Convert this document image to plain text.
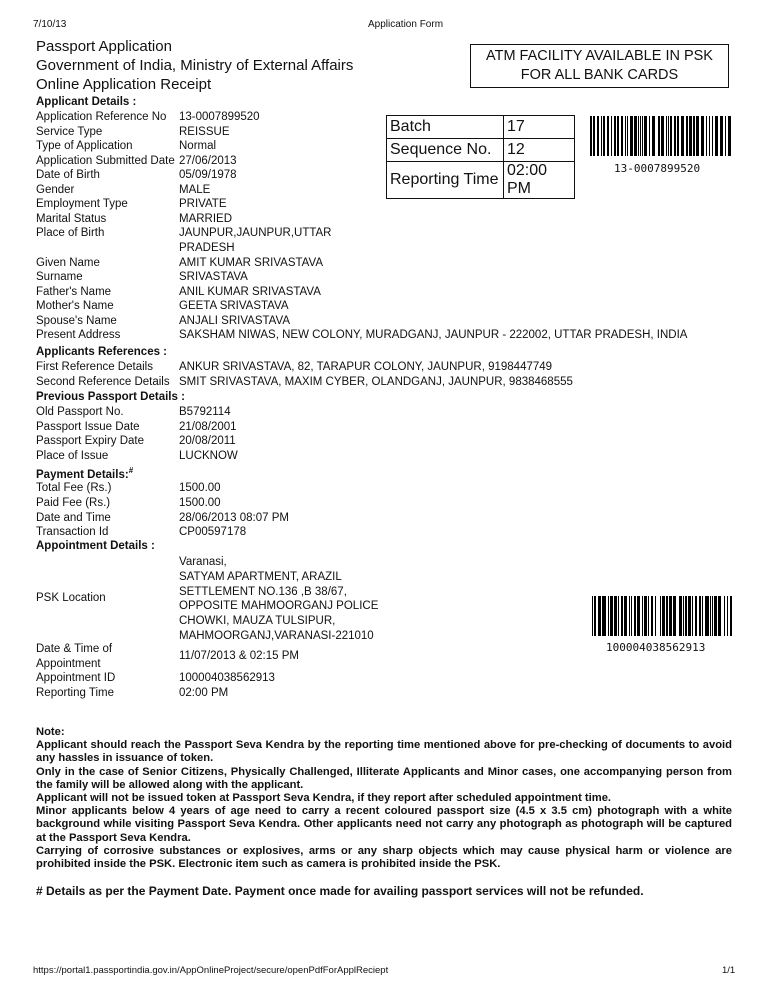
7/10/13	Application Form
Passport Application
Government of India, Ministry of External Affairs
Online Application Receipt
ATM FACILITY AVAILABLE IN PSK
FOR ALL BANK CARDS
Batch	17
Sequence No.	12
Reporting Time	02:00 PM
13-0007899520
Applicant Details :
Application Reference No	13-0007899520
Service Type	REISSUE
Type of Application	Normal
Application Submitted Date 27/06/2013
Date of Birth	05/09/1978
Gender	MALE
Employment Type	PRIVATE
Marital Status	MARRIED
Place of Birth	JAUNPUR,JAUNPUR,UTTAR
PRADESH
Given Name	AMIT KUMAR SRIVASTAVA
Surname	SRIVASTAVA
Father's Name	ANIL KUMAR SRIVASTAVA
Mother's Name	GEETA SRIVASTAVA
Spouse's Name	ANJALI SRIVASTAVA
Present Address	SAKSHAM NIWAS, NEW COLONY, MURADGANJ, JAUNPUR - 222002, UTTAR PRADESH, INDIA
Applicants References :
First Reference Details	ANKUR SRIVASTAVA, 82, TARAPUR COLONY, JAUNPUR, 9198447749
Second Reference Details SMIT SRIVASTAVA, MAXIM CYBER, OLANDGANJ, JAUNPUR, 9838468555
Previous Passport Details :
Old Passport No.	B5792114
Passport Issue Date	21/08/2001
Passport Expiry Date	20/08/2011
Place of Issue	LUCKNOW
Payment Details:#
Total Fee (Rs.)	1500.00
Paid Fee (Rs.)	1500.00
Date and Time	28/06/2013 08:07 PM
Transaction Id	CP00597178
Appointment Details :
PSK Location
Varanasi,
SATYAM APARTMENT, ARAZIL
SETTLEMENT NO.136 ,B 38/67,
OPPOSITE MAHMOORGANJ POLICE
CHOWKI, MAUZA TULSIPUR,
MAHMOORGANJ,VARANASI-221010
Date & Time of
Appointment
11/07/2013 & 02:15 PM
Appointment ID	100004038562913
Reporting Time	02:00 PM
100004038562913

Note:

Applicant should reach the Passport Seva Kendra by the reporting time mentioned above for pre-checking of documents to avoid any hassles in issuance of token.

Only in the case of Senior Citizens, Physically Challenged, Illiterate Applicants and Minor cases, one accompanying person from the family will be allowed along with the applicant.

Applicant will not be issued token at Passport Seva Kendra, if they report after scheduled appointment time.

Minor applicants below 4 years of age need to carry a recent coloured passport size (4.5 x 3.5 cm) photograph with a white background while visiting Passport Seva Kendra. Other applicants need not carry any photograph as photograph will be captured at the Passport Seva Kendra.

Carrying of corrosive substances or explosives, arms or any sharp objects which may cause physical harm or violence are prohibited inside the PSK. Electronic item such as camera is prohibited inside the PSK.

# Details as per the Payment Date. Payment once made for availing passport services will not be refunded.
https://portal1.passportindia.gov.in/AppOnlineProject/secure/openPdfForApplReciept	1/1
